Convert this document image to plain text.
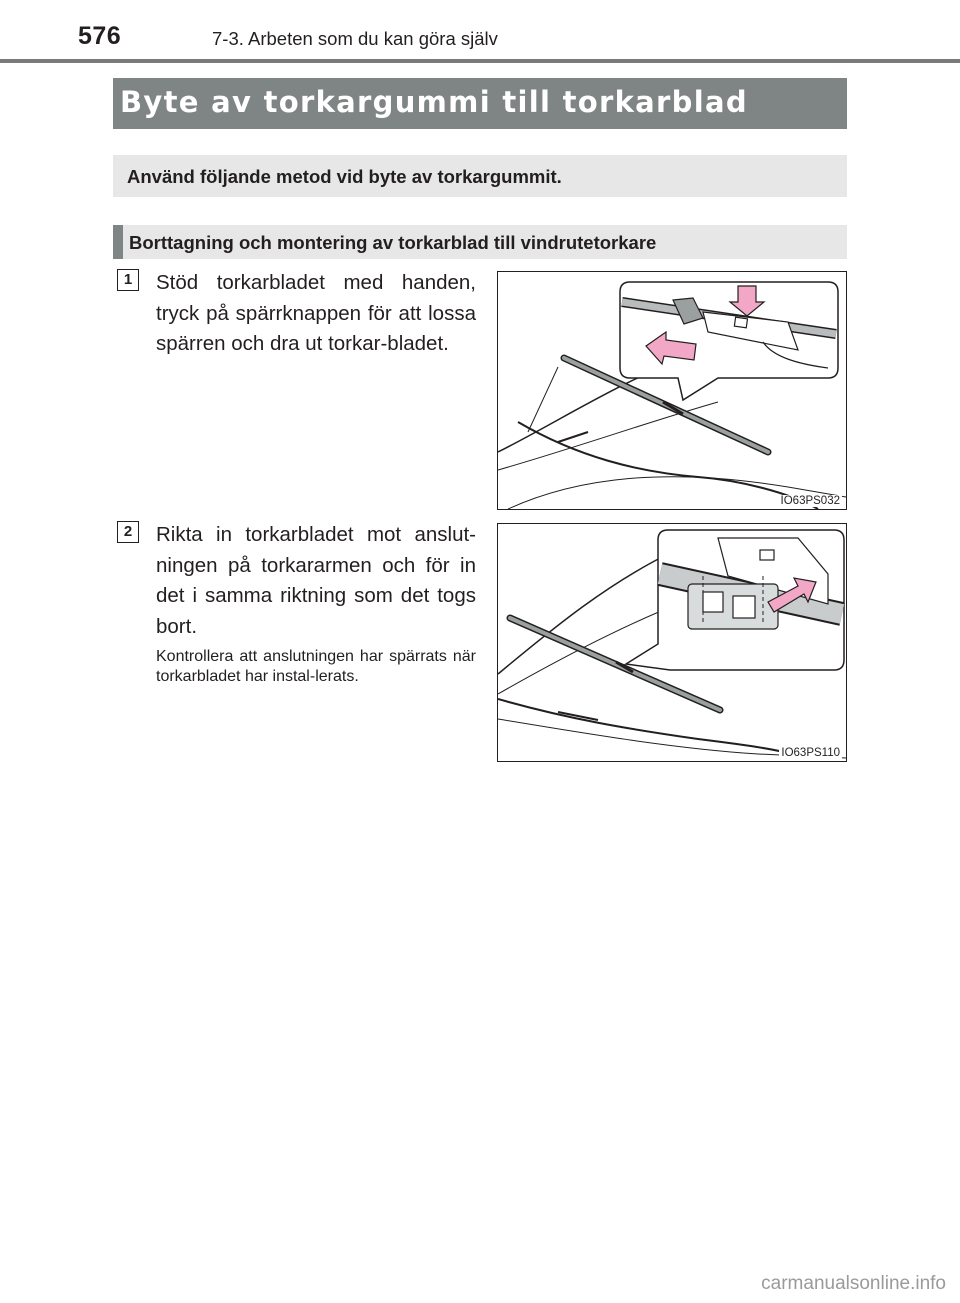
576	7-3. Arbeten som du kan göra själv
Byte av torkargummi till torkarblad
Använd följande metod vid byte av torkargummit.
Borttagning och montering av torkarblad till vindrutetorkare
1	Stöd torkarbladet med handen, tryck på spärrknappen för att lossa spärren och dra ut torkar-bladet.
IO63PS032
2	Rikta in torkarbladet mot anslut-ningen på torkararmen och för in det i samma riktning som det togs bort.
Kontrollera att anslutningen har spärrats när torkarbladet har instal-lerats.
IO63PS110
carmanualsonline.info
